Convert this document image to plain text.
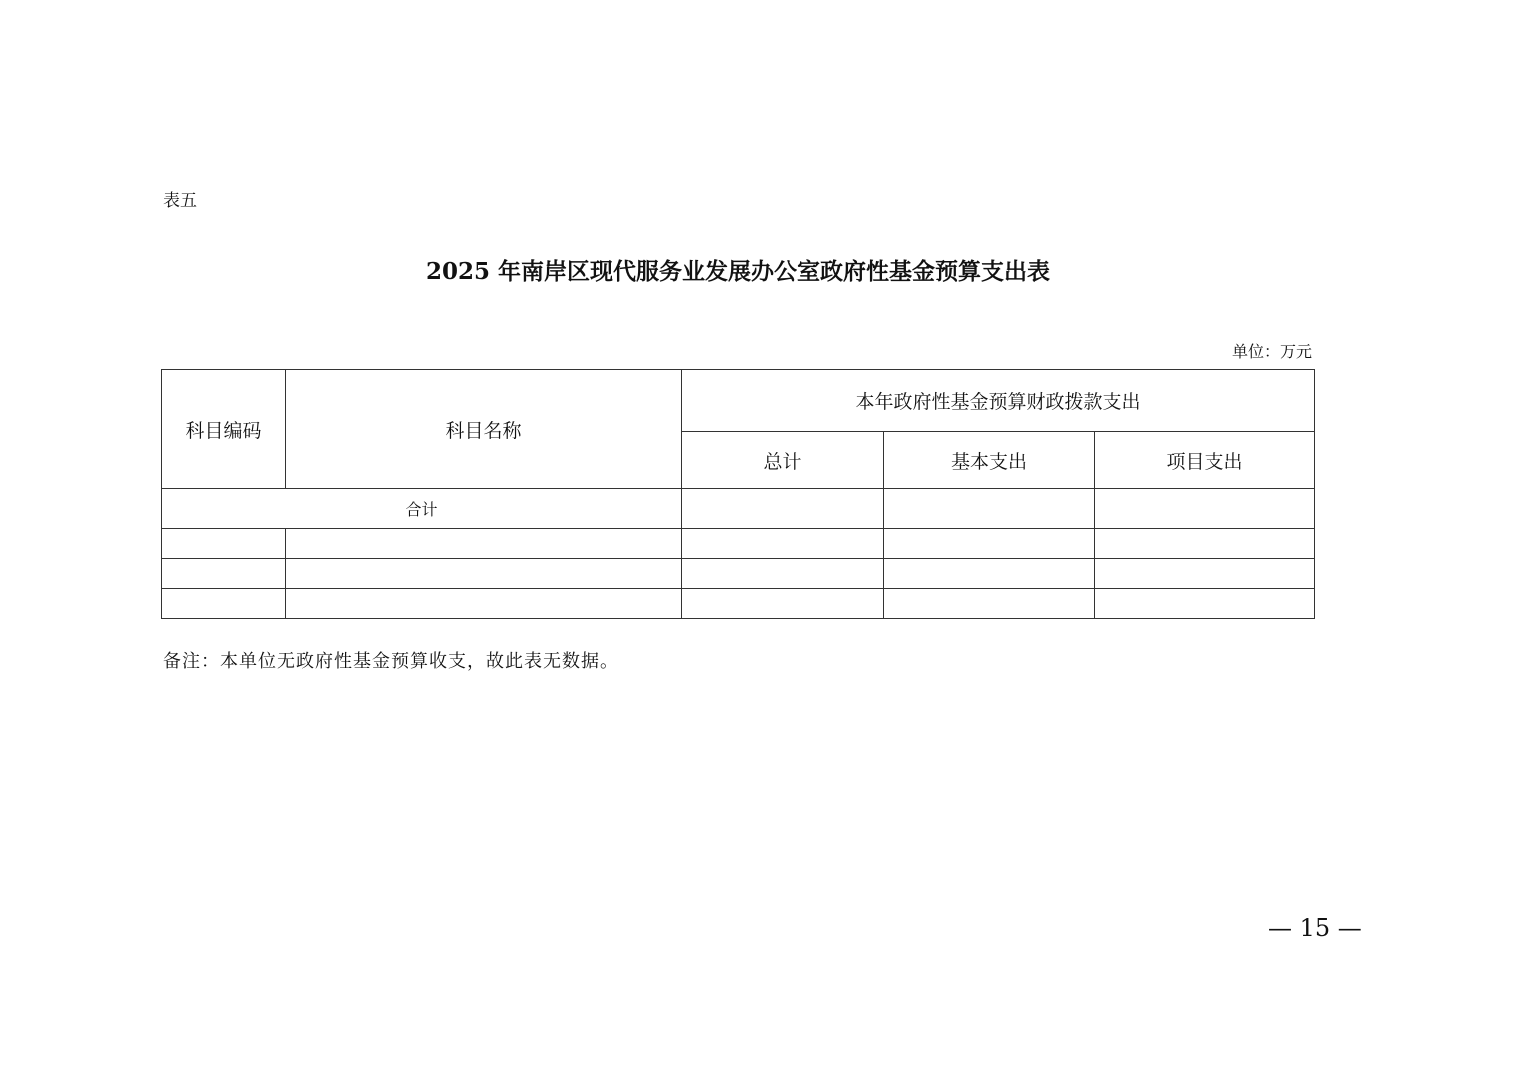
表五
2025 年南岸区现代服务业发展办公室政府性基金预算支出表
单位：万元
科目编码	科目名称	本年政府性基金预算财政拨款支出		
		总计	基本支出	项目支出
合计				

备注：本单位无政府性基金预算收支，故此表无数据。
— 15 —
